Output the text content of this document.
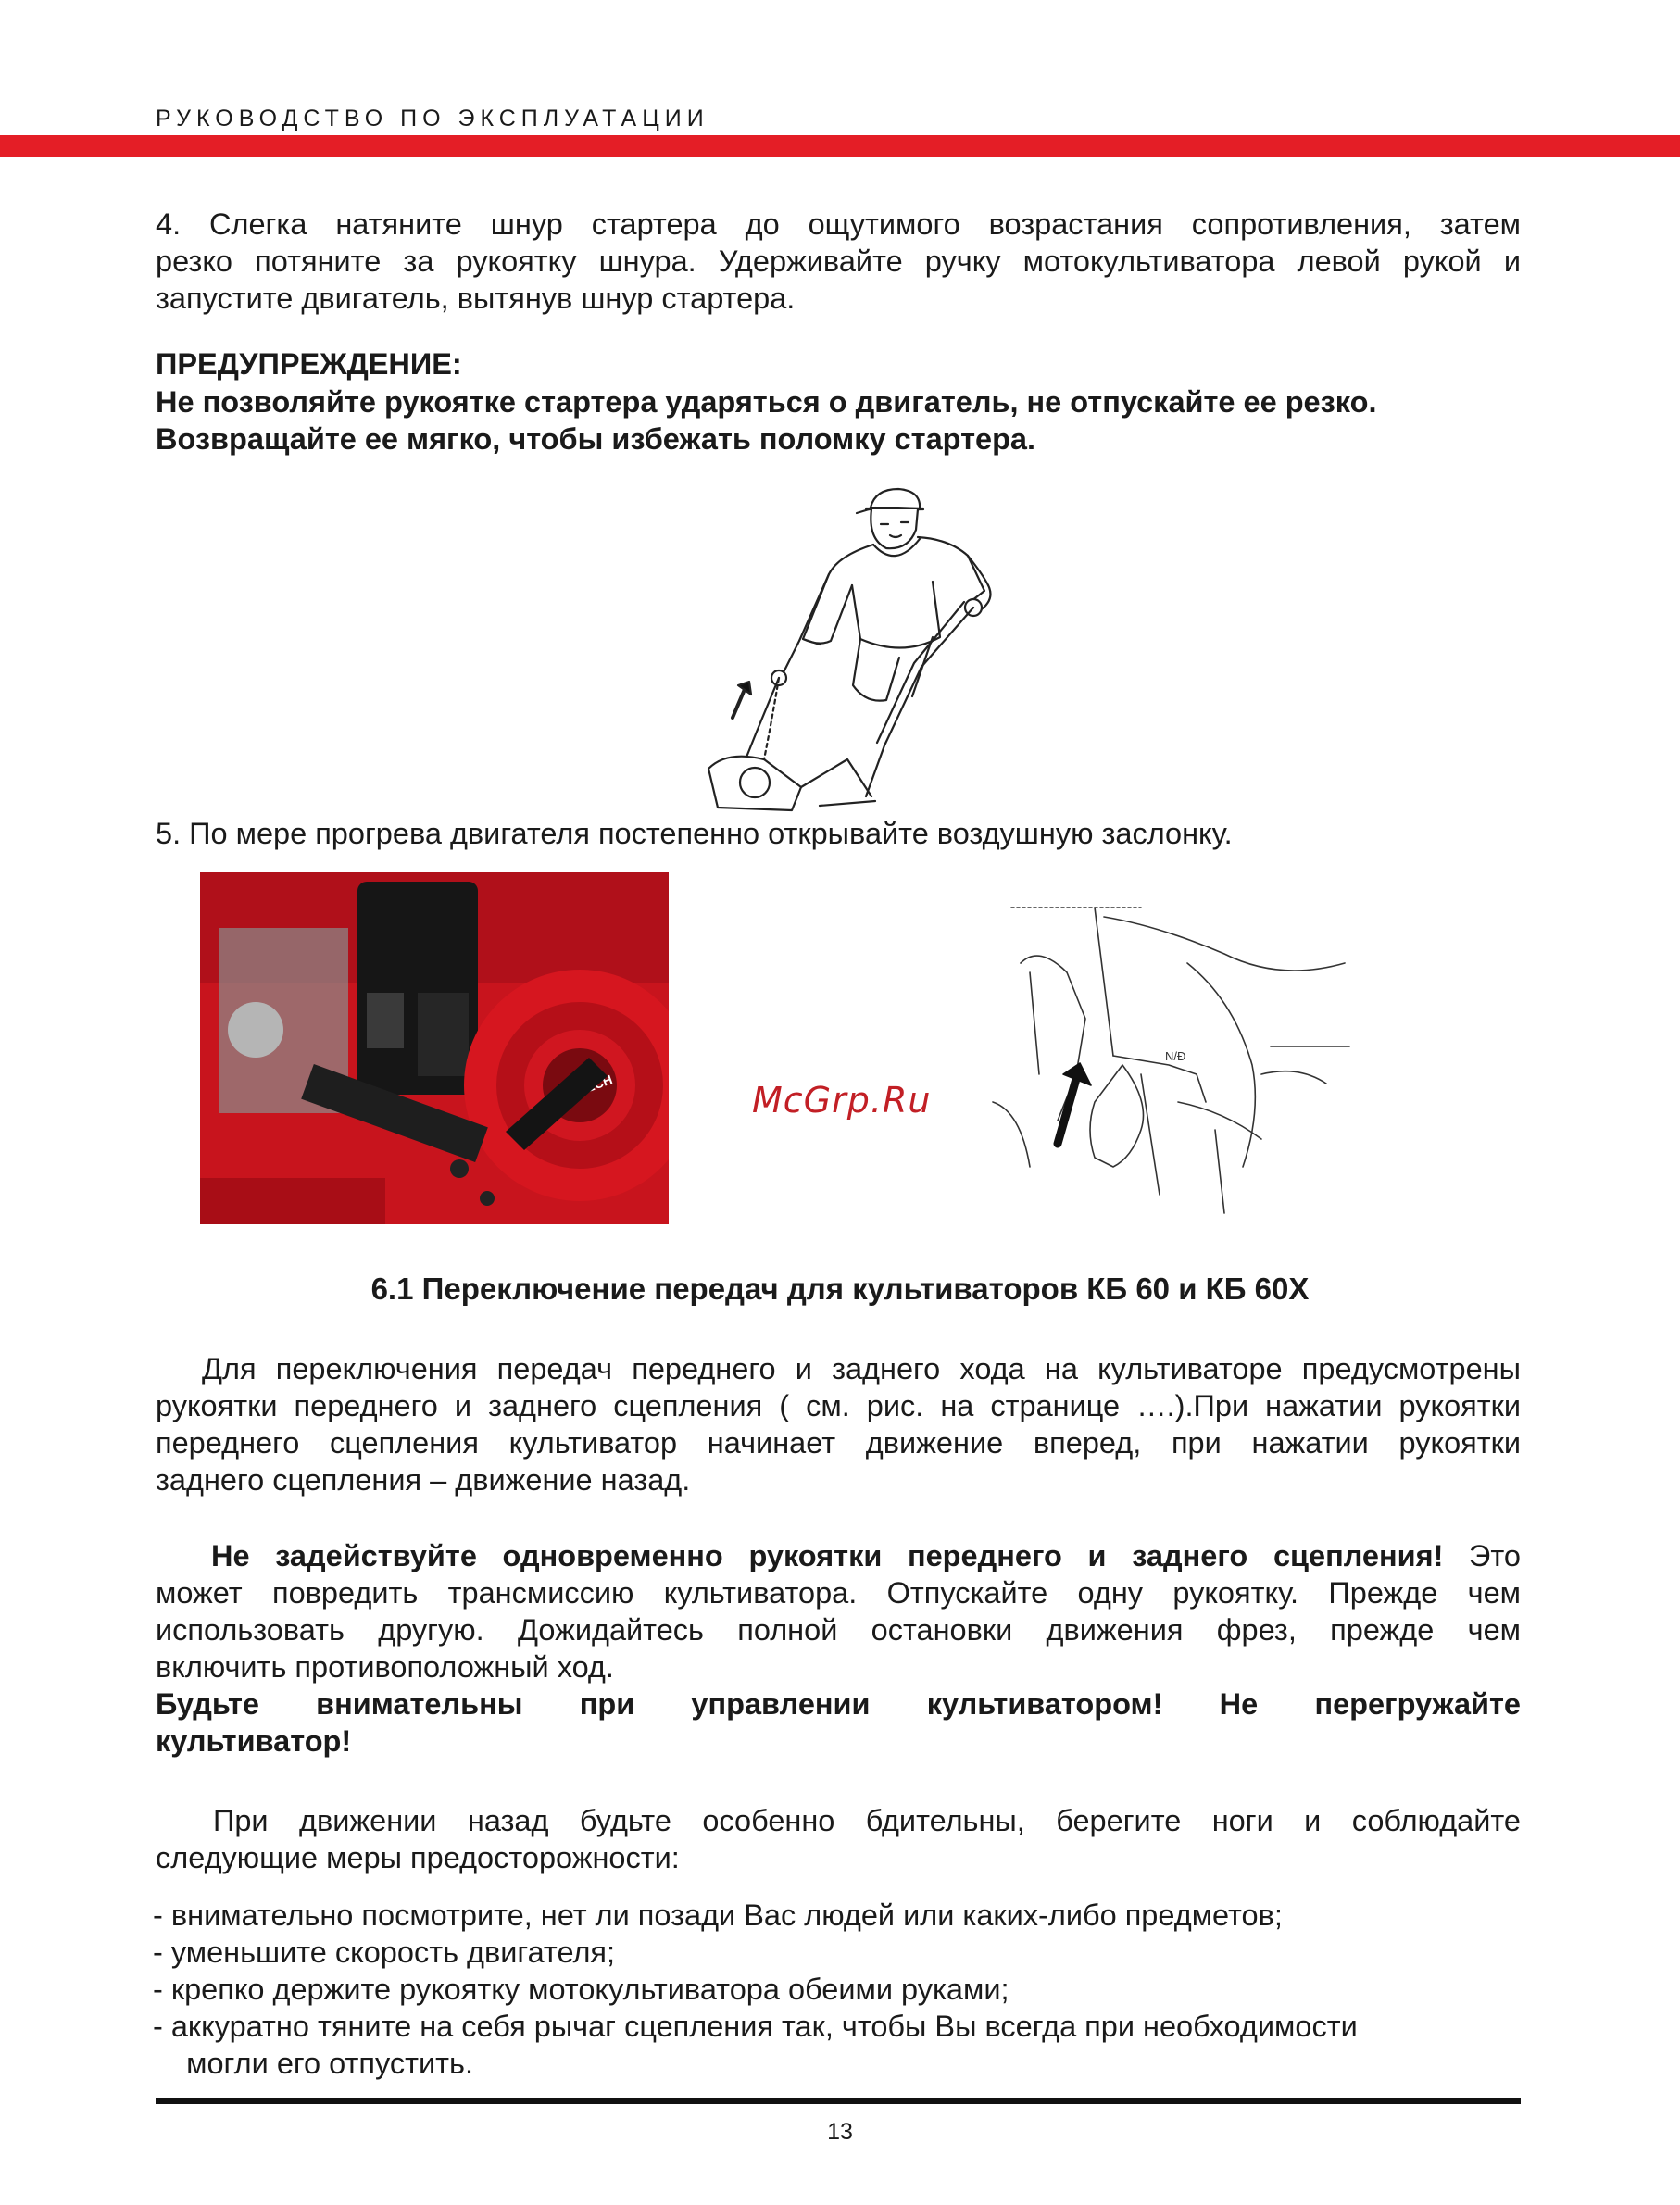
РУКОВОДСТВО ПО ЭКСПЛУАТАЦИИ

4. Слегка натяните шнур стартера до ощутимого возрастания сопротивления, затем

резко потяните за рукоятку шнура. Удерживайте ручку мотокультиватора левой рукой и

запустите двигатель, вытянув шнур стартера.

ПРЕДУПРЕЖДЕНИЕ:

Не позволяйте рукоятке стартера ударяться о двигатель, не отпускайте ее резко.

Возвращайте ее мягко, чтобы избежать поломку стартера.

5. По мере прогрева двигателя постепенно открывайте воздушную заслонку.

McGrp.Ru
N/Ð
6.1 Переключение передач для культиваторов КБ 60 и КБ 60Х

Для переключения передач переднего и заднего хода на культиваторе предусмотрены

рукоятки переднего и заднего сцепления ( см. рис. на странице ….).При нажатии рукоятки

переднего сцепления культиватор начинает движение вперед, при нажатии рукоятки

заднего сцепления – движение назад.

Не задействуйте одновременно рукоятки переднего и заднего сцепления! Это

может повредить трансмиссию культиватора. Отпускайте одну рукоятку. Прежде чем

использовать другую. Дожидайтесь полной остановки движения фрез, прежде чем

включить противоположный ход.

Будьте внимательны при управлении культиватором! Не перегружайте

культиватор!

При движении назад будьте особенно бдительны, берегите ноги и соблюдайте

следующие меры предосторожности:

- внимательно посмотрите, нет ли позади Вас людей или каких-либо предметов;
- уменьшите скорость двигателя;
- крепко держите рукоятку мотокультиватора обеими руками;
- аккуратно тяните на себя рычаг сцепления так, чтобы Вы всегда при необходимости
могли его отпустить.
13
